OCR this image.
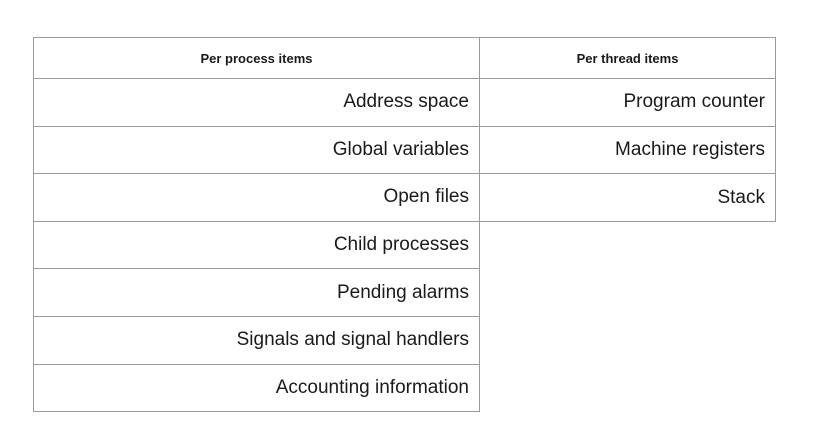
Per process items
Address space
Global variables
Open files
Child processes
Pending alarms
Signals and signal handlers
Accounting information
Per thread items
Program counter
Machine registers
Stack
